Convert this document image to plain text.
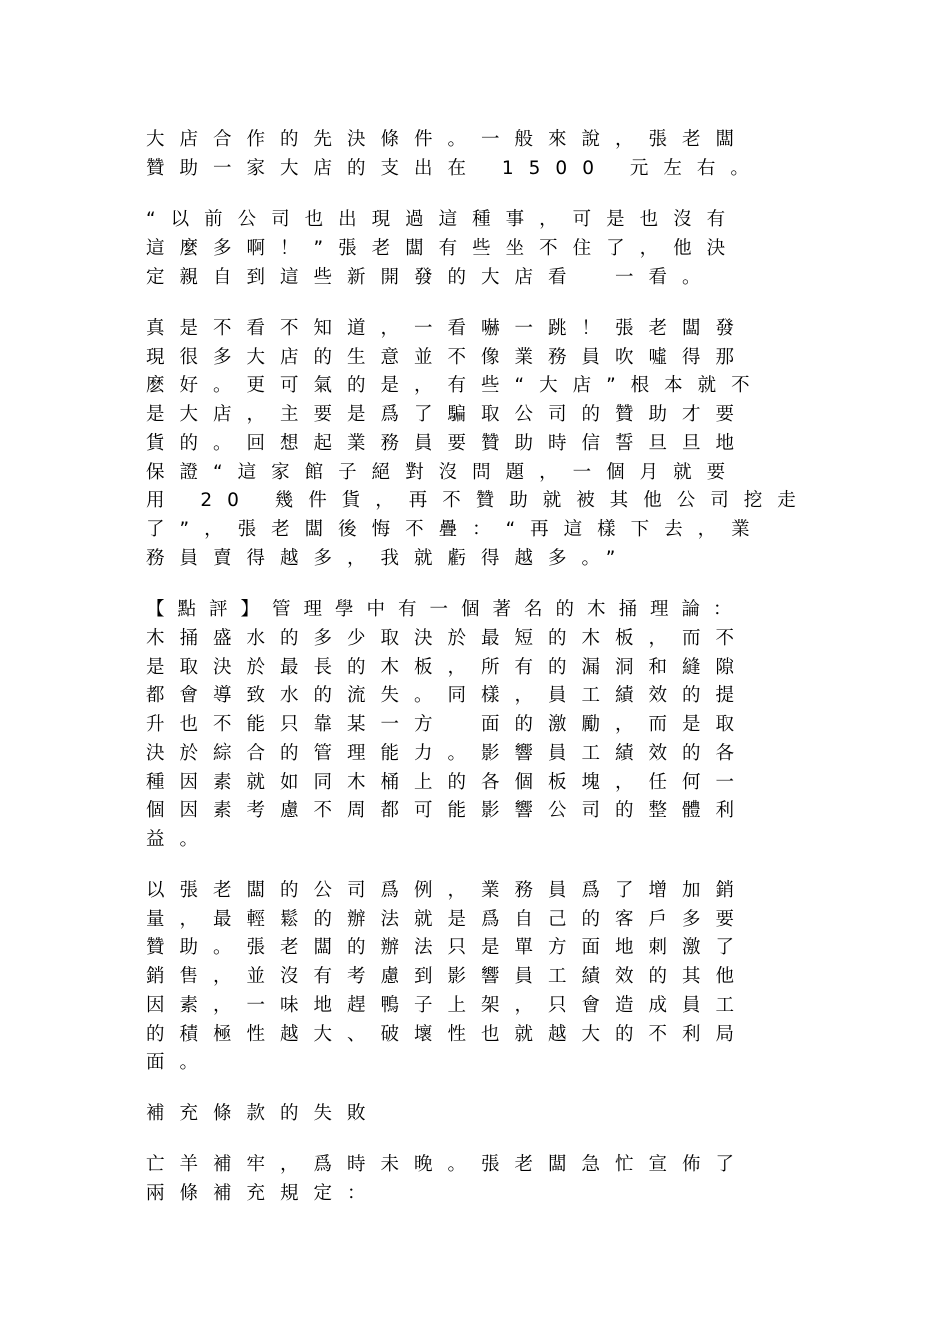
大店合作的先決條件。一般來說，張老闆
贊助一家大店的支出在 1500 元左右。
“以前公司也出現過這種事，可是也沒有
這麼多啊！”張老闆有些坐不住了，他決
定親自到這些新開發的大店看　一看。
真是不看不知道，一看嚇一跳！張老闆發
現很多大店的生意並不像業務員吹噓得那
麽好。更可氣的是，有些“大店”根本就不
是大店，主要是爲了騙取公司的贊助才要
貨的。回想起業務員要贊助時信誓旦旦地
保證“這家館子絕對沒問題，一個月就要
用 20 幾件貨，再不贊助就被其他公司挖走
了”，張老闆後悔不疊：“再這樣下去，業
務員賣得越多，我就虧得越多。”
【點評】管理學中有一個著名的木捅理論：
木捅盛水的多少取決於最短的木板，而不
是取決於最長的木板，所有的漏洞和縫隙
都會導致水的流失。同樣，員工績效的提
升也不能只靠某一方　面的激勵，而是取
決於綜合的管理能力。影響員工績效的各
種因素就如同木桶上的各個板塊，任何一
個因素考慮不周都可能影響公司的整體利
益。
以張老闆的公司爲例，業務員爲了增加銷
量，最輕鬆的辦法就是爲自己的客戶多要
贊助。張老闆的辦法只是單方面地刺激了
銷售，並沒有考慮到影響員工績效的其他
因素，一味地趕鴨子上架，只會造成員工
的積極性越大、破壞性也就越大的不利局
面。
補充條款的失敗
亡羊補牢，爲時未晚。張老闆急忙宣佈了
兩條補充規定：
